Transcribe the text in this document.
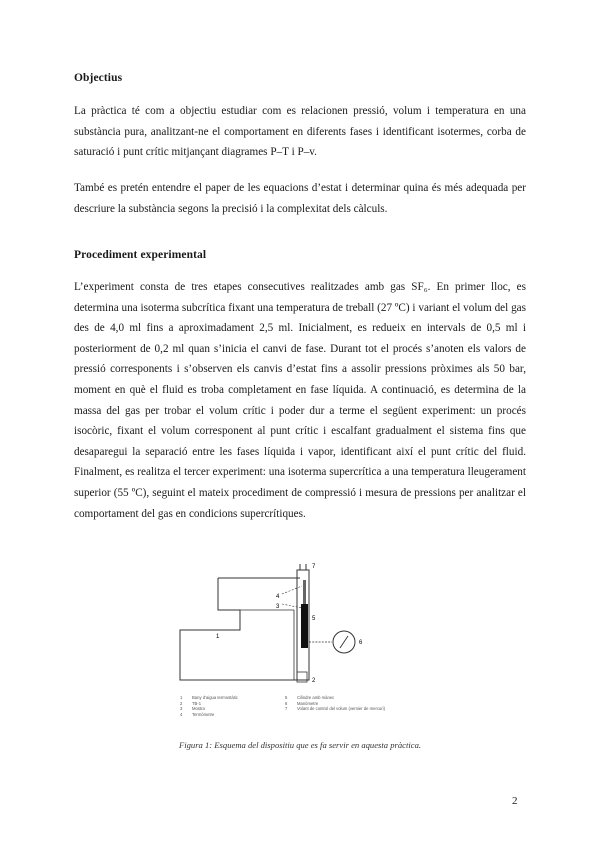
Objectius

La pràctica té com a objectiu estudiar com es relacionen pressió, volum i temperatura en una substància pura, analitzant-ne el comportament en diferents fases i identificant isotermes, corba de saturació i punt crític mitjançant diagrames P–T i P–v.

També es pretén entendre el paper de les equacions d’estat i determinar quina és més adequada per descriure la substància segons la precisió i la complexitat dels càlculs.

Procediment experimental

L’experiment consta de tres etapes consecutives realitzades amb gas SF₆. En primer lloc, es determina una isoterma subcrítica fixant una temperatura de treball (27 ºC) i variant el volum del gas des de 4,0 ml fins a aproximadament 2,5 ml. Inicialment, es redueix en intervals de 0,5 ml i posteriorment de 0,2 ml quan s’inicia el canvi de fase. Durant tot el procés s’anoten els valors de pressió corresponents i s’observen els canvis d’estat fins a assolir pressions pròximes als 50 bar, moment en què el fluid es troba completament en fase líquida. A continuació, es determina de la massa del gas per trobar el volum crític i poder dur a terme el següent experiment: un procés isocòric, fixant el volum corresponent al punt crític i escalfant gradualment el sistema fins que desaparegui la separació entre les fases líquida i vapor, identificant així el punt crític del fluid. Finalment, es realitza el tercer experiment: una isoterma supercrítica a una temperatura lleugerament superior (55 ºC), seguint el mateix procediment de compressió i mesura de pressions per analitzar el comportament del gas en condicions supercrítiques.

1
2
3
4
5
6
7
1 Bany d’aigua termostàtic
2 TB-1
3 Mostra
4 Termòmetre
5 Cilindre amb mànec
6 Manòmetre
7 Volant de control del volum (vernier de mercuri)
Figura 1: Esquema del dispositiu que es fa servir en aquesta pràctica.
2
